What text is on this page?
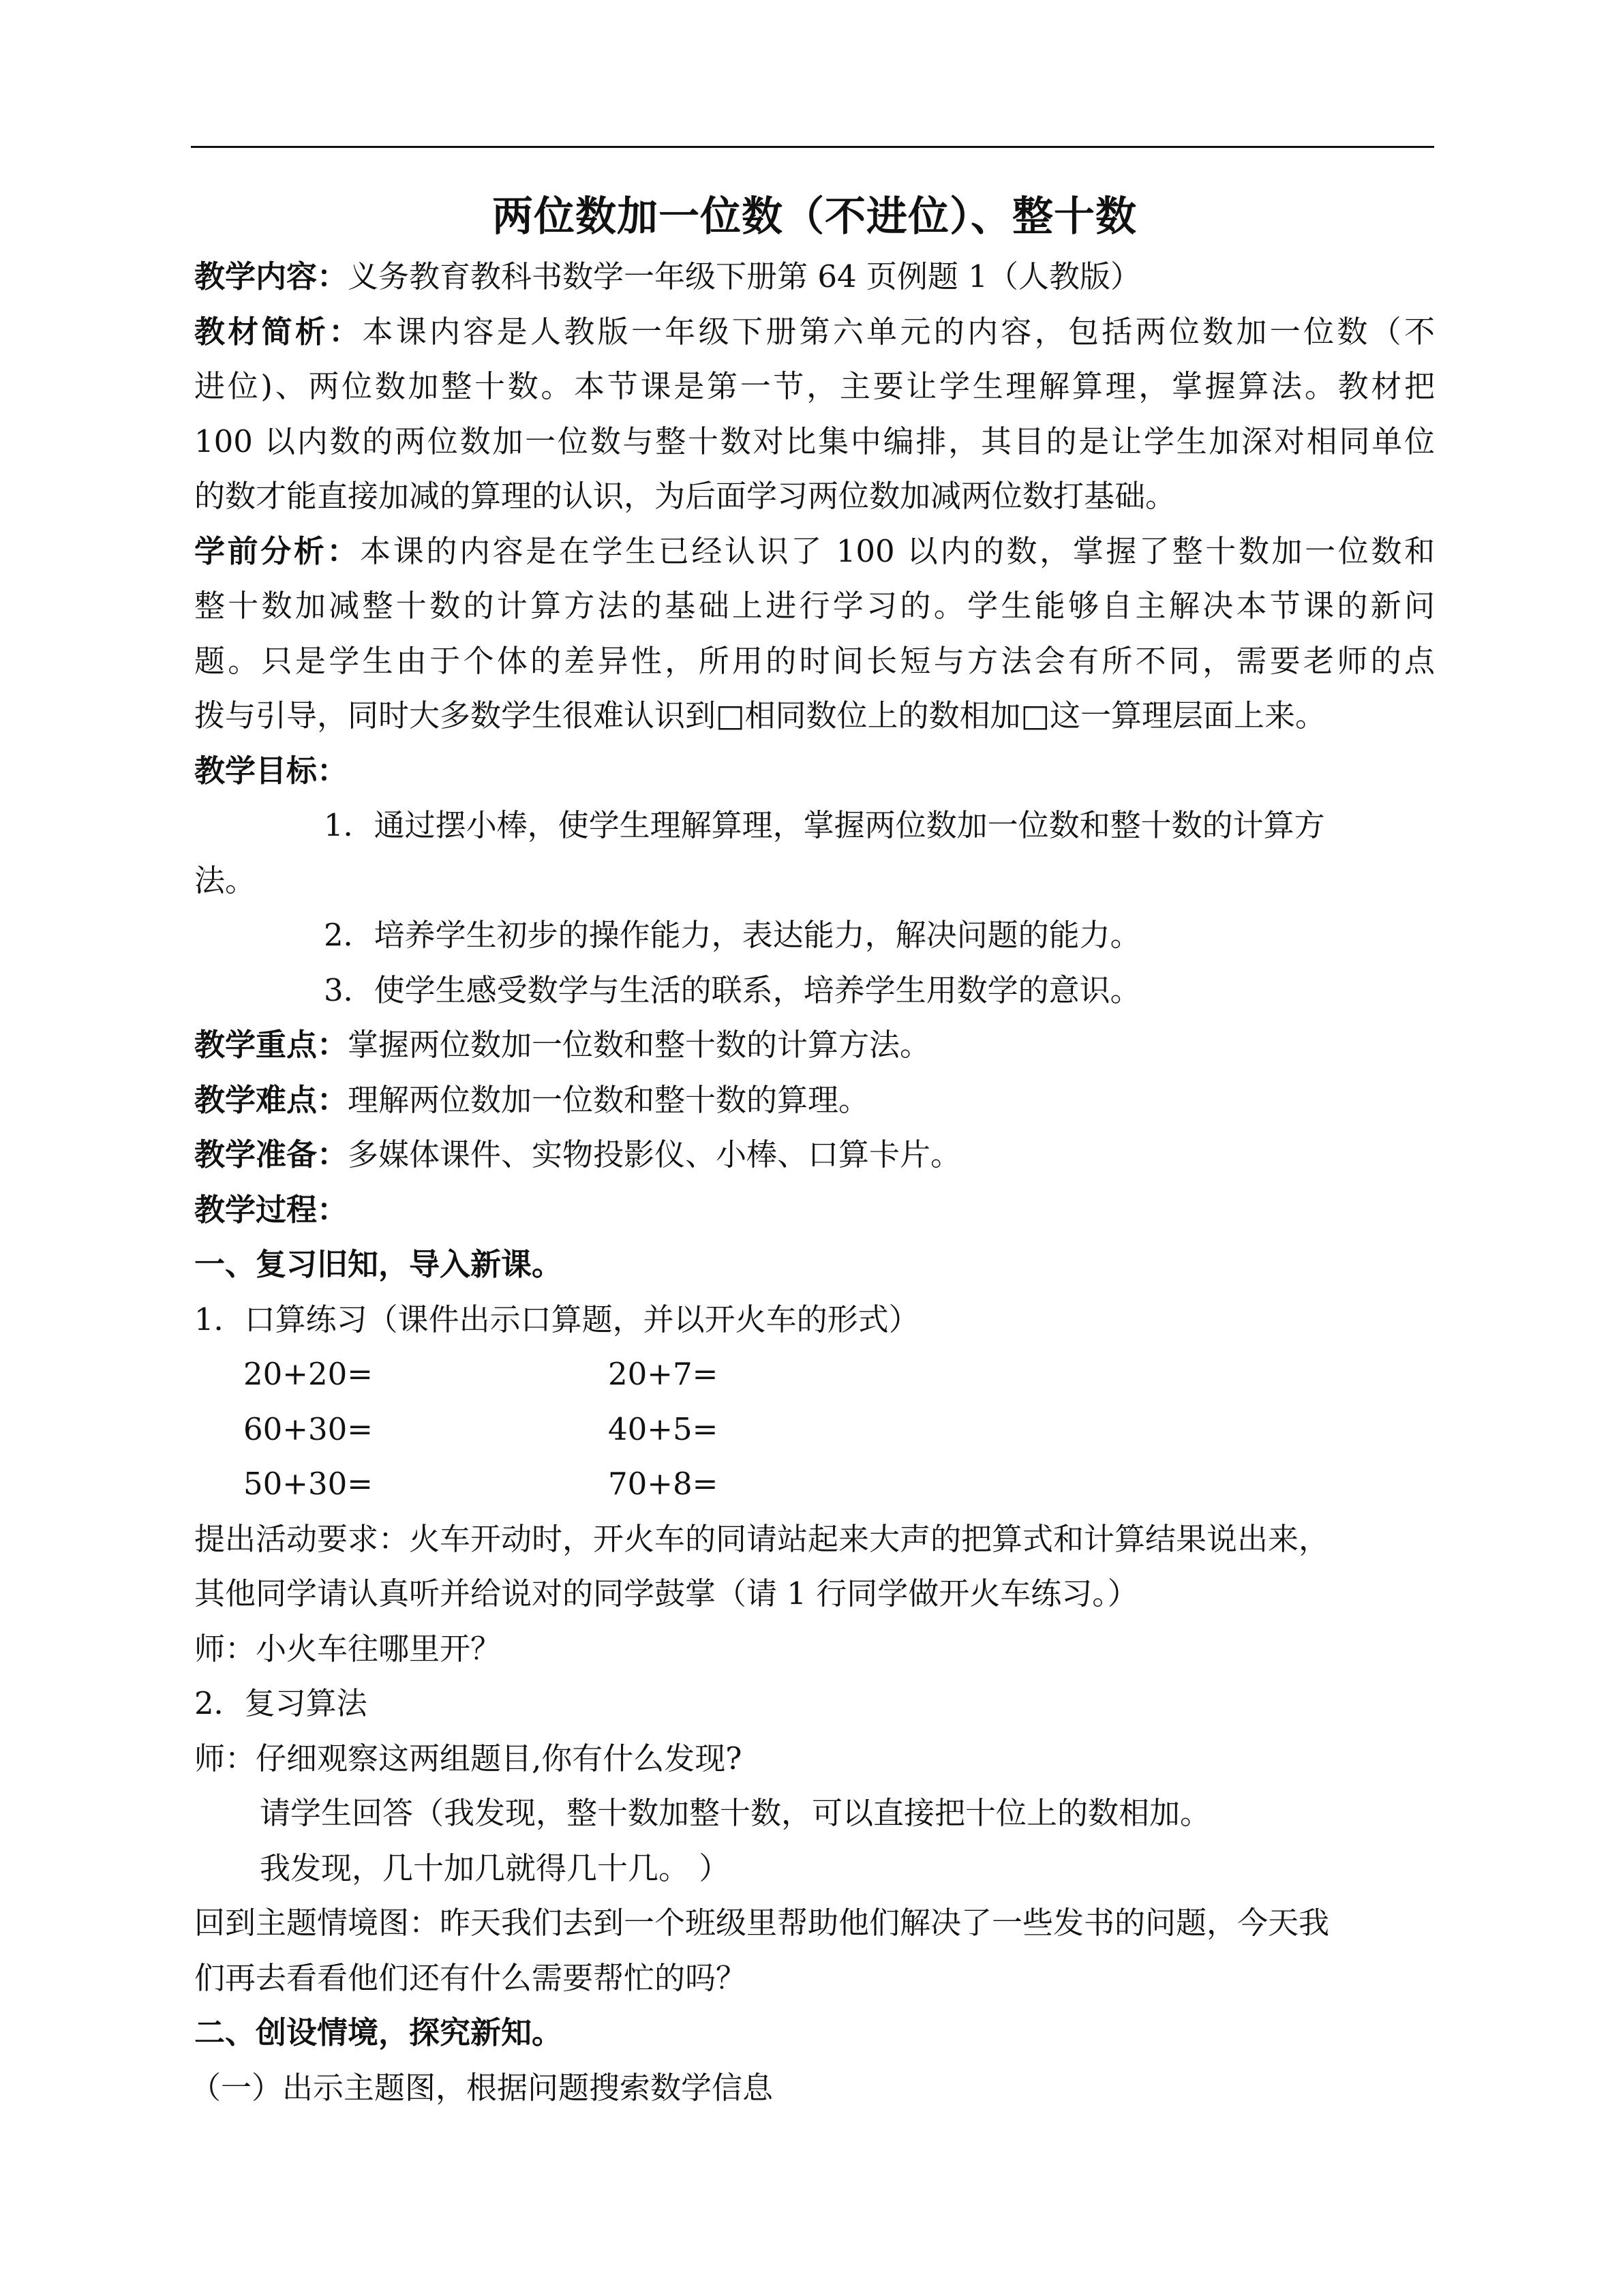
两位数加一位数（不进位）、整十数

教学内容：义务教育教科书数学一年级下册第 64 页例题 1（人教版）

教材简析：本课内容是人教版一年级下册第六单元的内容，包括两位数加一位数（不

进位)、两位数加整十数。本节课是第一节，主要让学生理解算理，掌握算法。教材把

100 以内数的两位数加一位数与整十数对比集中编排，其目的是让学生加深对相同单位

的数才能直接加减的算理的认识，为后面学习两位数加减两位数打基础。

学前分析：本课的内容是在学生已经认识了 100 以内的数，掌握了整十数加一位数和

整十数加减整十数的计算方法的基础上进行学习的。学生能够自主解决本节课的新问

题。只是学生由于个体的差异性，所用的时间长短与方法会有所不同，需要老师的点

拨与引导，同时大多数学生很难认识到□相同数位上的数相加□这一算理层面上来。

教学目标：

1．通过摆小棒，使学生理解算理，掌握两位数加一位数和整十数的计算方

法。

2．培养学生初步的操作能力，表达能力，解决问题的能力。

3．使学生感受数学与生活的联系，培养学生用数学的意识。

教学重点：掌握两位数加一位数和整十数的计算方法。

教学难点：理解两位数加一位数和整十数的算理。

教学准备：多媒体课件、实物投影仪、小棒、口算卡片。

教学过程：

一、复习旧知，导入新课。

1．口算练习（课件出示口算题，并以开火车的形式）

20+20=	20+7=

60+30=	40+5=

50+30=	70+8=

提出活动要求：火车开动时，开火车的同请站起来大声的把算式和计算结果说出来，

其他同学请认真听并给说对的同学鼓掌（请 1 行同学做开火车练习。）

师：小火车往哪里开？

2．复习算法

师：仔细观察这两组题目,你有什么发现?

请学生回答（我发现，整十数加整十数，可以直接把十位上的数相加。

我发现，几十加几就得几十几。 ）

回到主题情境图：昨天我们去到一个班级里帮助他们解决了一些发书的问题，今天我

们再去看看他们还有什么需要帮忙的吗？

二、创设情境，探究新知。

（一）出示主题图，根据问题搜索数学信息
